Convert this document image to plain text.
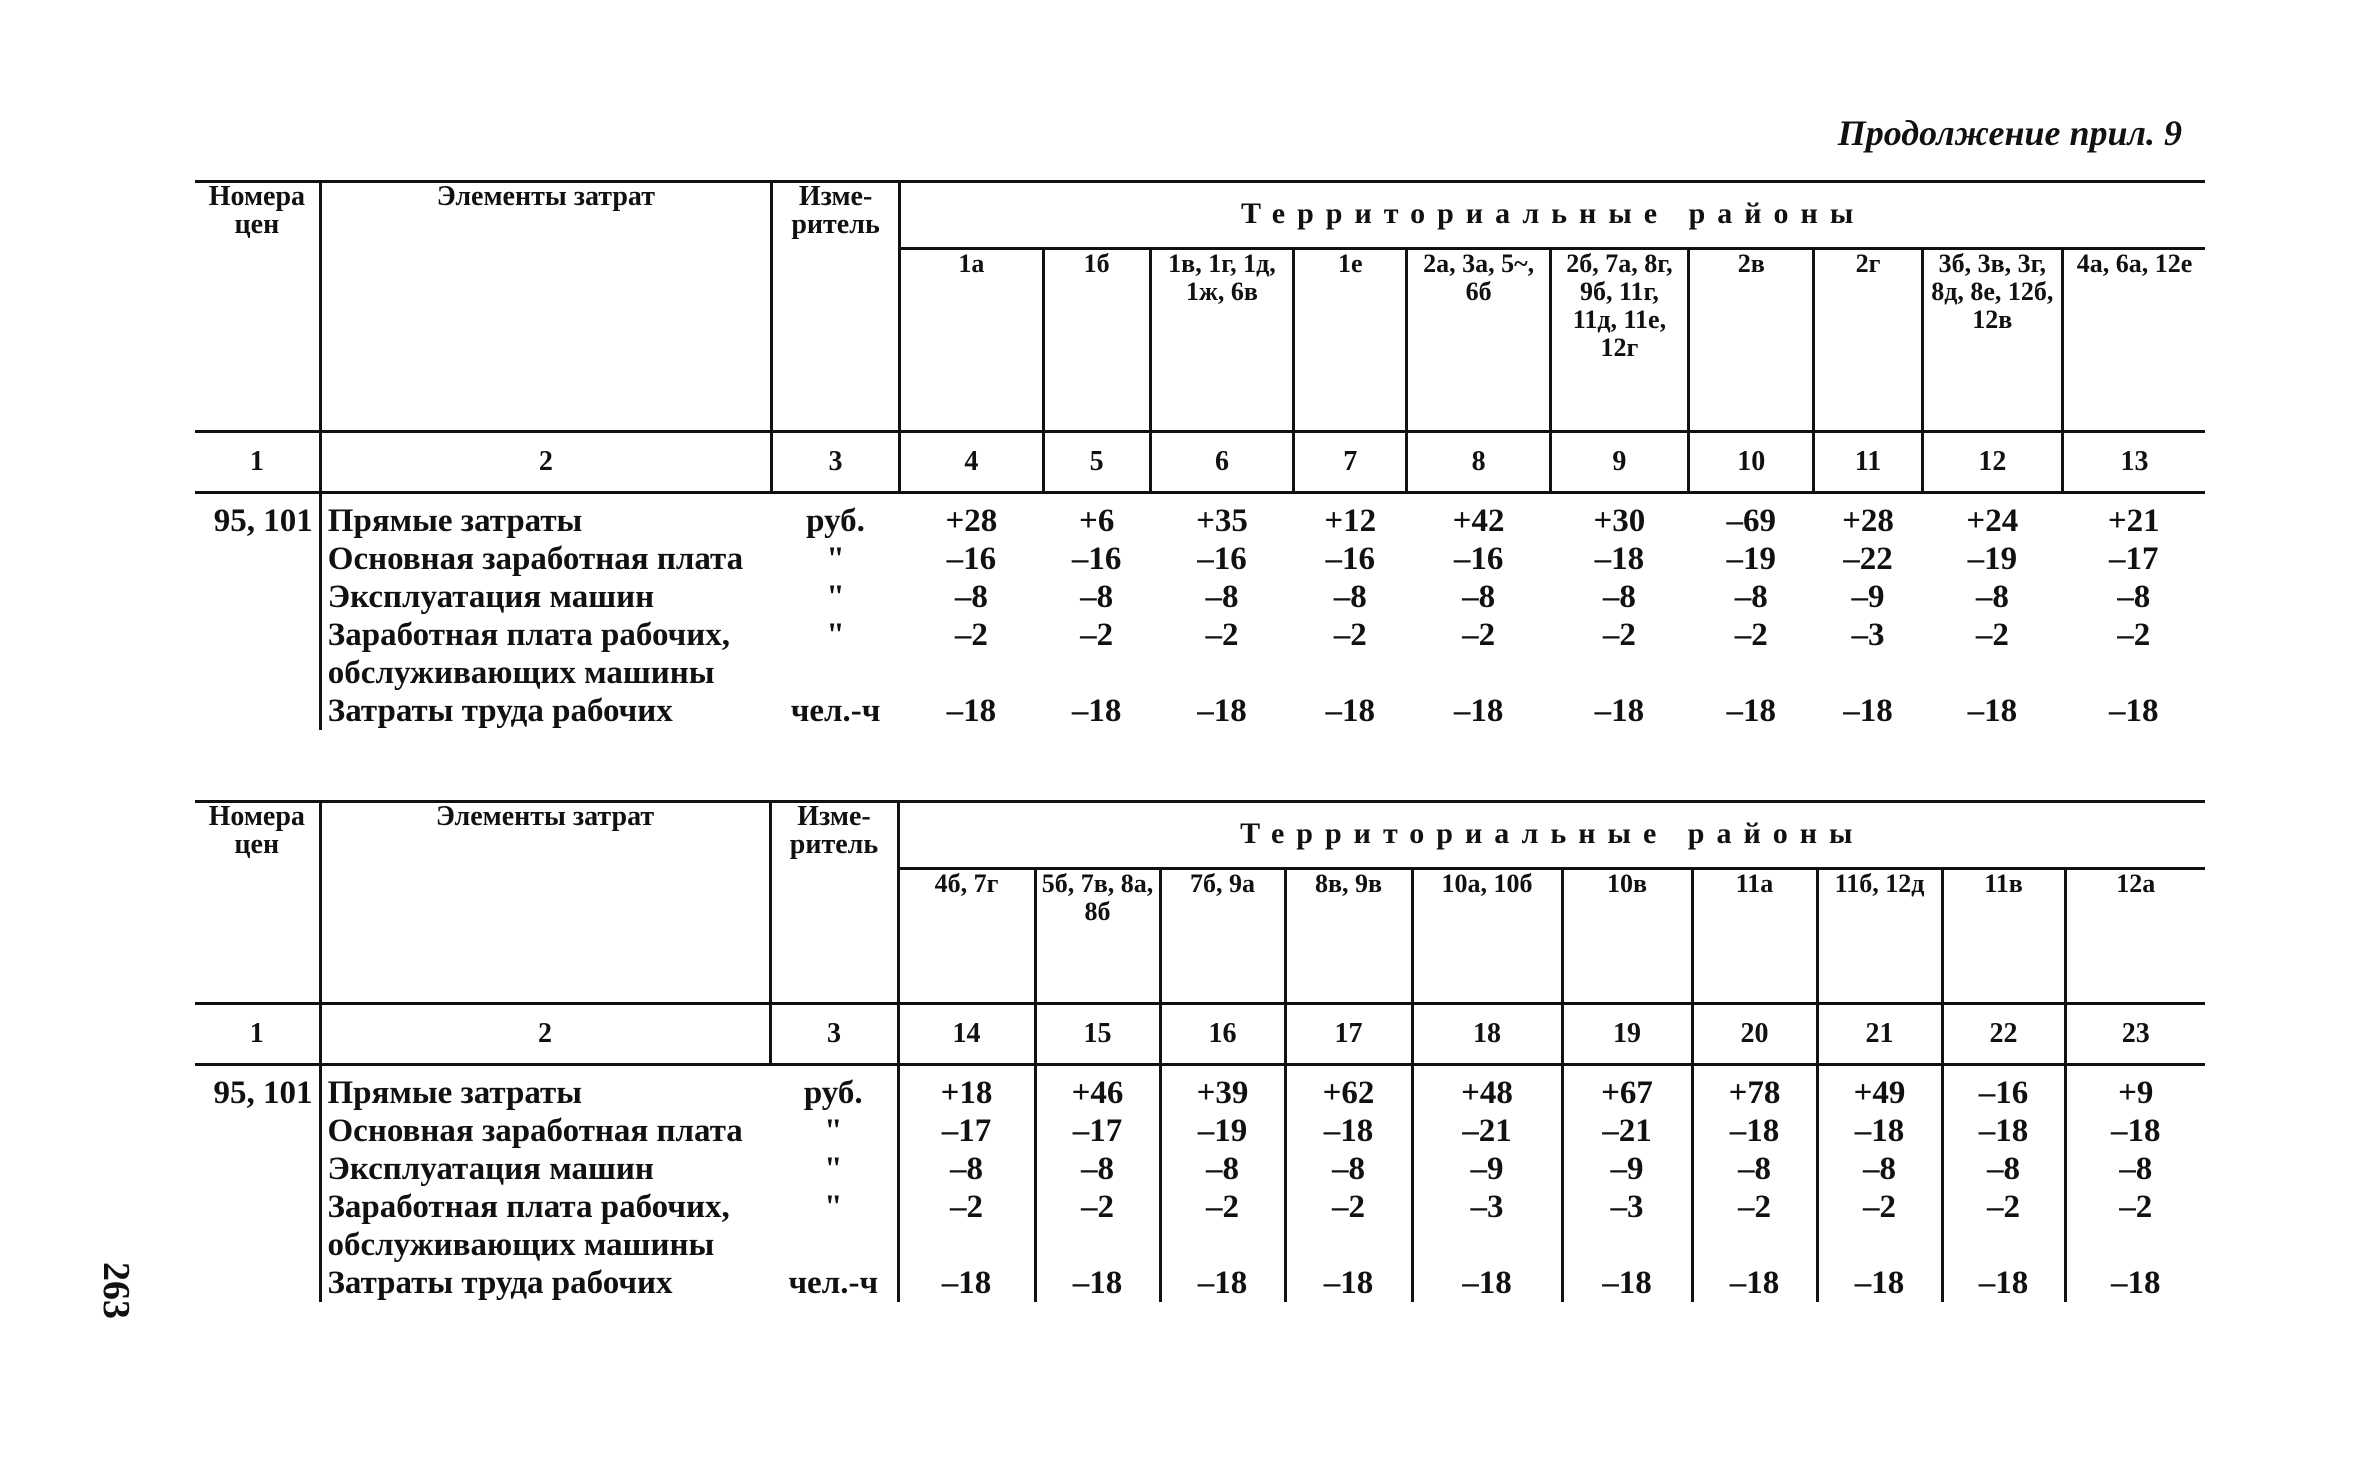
Продолжение прил. 9
263
Номера цен	Элементы затрат	Изме-ритель	Территориальные районы									
			1а	1б	1в, 1г, 1д, 1ж, 6в	1е	2а, 3а, 5~, 6б	2б, 7а, 8г, 9б, 11г, 11д, 11е, 12г	2в	2г	3б, 3в, 3г, 8д, 8е, 12б, 12в	4а, 6а, 12е
1	2	3	4	5	6	7	8	9	10	11	12	13
95, 101	Прямые затраты	руб.	+28	+6	+35	+12	+42	+30	–69	+28	+24	+21
	Основная заработная плата	"	–16	–16	–16	–16	–16	–18	–19	–22	–19	–17
	Эксплуатация машин	"	–8	–8	–8	–8	–8	–8	–8	–9	–8	–8
	Заработная плата рабочих, обслуживающих машины	"	–2	–2	–2	–2	–2	–2	–2	–3	–2	–2
	Затраты труда рабочих	чел.-ч	–18	–18	–18	–18	–18	–18	–18	–18	–18	–18
Номера цен	Элементы затрат	Изме-ритель	Территориальные районы									
			4б, 7г	5б, 7в, 8а, 8б	7б, 9а	8в, 9в	10а, 10б	10в	11а	11б, 12д	11в	12а
1	2	3	14	15	16	17	18	19	20	21	22	23
95, 101	Прямые затраты	руб.	+18	+46	+39	+62	+48	+67	+78	+49	–16	+9
	Основная заработная плата	"	–17	–17	–19	–18	–21	–21	–18	–18	–18	–18
	Эксплуатация машин	"	–8	–8	–8	–8	–9	–9	–8	–8	–8	–8
	Заработная плата рабочих, обслуживающих машины	"	–2	–2	–2	–2	–3	–3	–2	–2	–2	–2
	Затраты труда рабочих	чел.-ч	–18	–18	–18	–18	–18	–18	–18	–18	–18	–18
